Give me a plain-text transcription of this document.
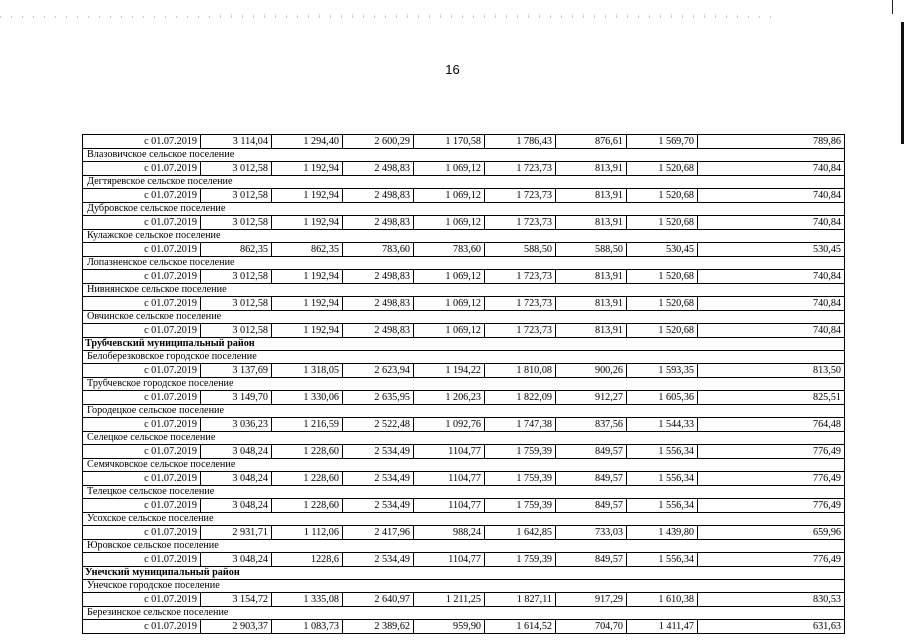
16
с 01.07.2019	3 114,04	1 294,40	2 600,29	1 170,58	1 786,43	876,61	1 569,70	789,86
Влазовичское сельское поселение								
с 01.07.2019	3 012,58	1 192,94	2 498,83	1 069,12	1 723,73	813,91	1 520,68	740,84
Дегтяревское сельское поселение								
с 01.07.2019	3 012,58	1 192,94	2 498,83	1 069,12	1 723,73	813,91	1 520,68	740,84
Дубровское сельское поселение								
с 01.07.2019	3 012,58	1 192,94	2 498,83	1 069,12	1 723,73	813,91	1 520,68	740,84
Кулажское сельское поселение								
с 01.07.2019	862,35	862,35	783,60	783,60	588,50	588,50	530,45	530,45
Лопазненское сельское поселение								
с 01.07.2019	3 012,58	1 192,94	2 498,83	1 069,12	1 723,73	813,91	1 520,68	740,84
Нивнянское сельское поселение								
с 01.07.2019	3 012,58	1 192,94	2 498,83	1 069,12	1 723,73	813,91	1 520,68	740,84
Овчинское сельское поселение								
с 01.07.2019	3 012,58	1 192,94	2 498,83	1 069,12	1 723,73	813,91	1 520,68	740,84
Трубчевский муниципальный район								
Белоберезковское городское поселение								
с 01.07.2019	3 137,69	1 318,05	2 623,94	1 194,22	1 810,08	900,26	1 593,35	813,50
Трубчевское городское поселение								
с 01.07.2019	3 149,70	1 330,06	2 635,95	1 206,23	1 822,09	912,27	1 605,36	825,51
Городецкое сельское поселение								
с 01.07.2019	3 036,23	1 216,59	2 522,48	1 092,76	1 747,38	837,56	1 544,33	764,48
Селецкое сельское поселение								
с 01.07.2019	3 048,24	1 228,60	2 534,49	1104,77	1 759,39	849,57	1 556,34	776,49
Семячковское сельское поселение								
с 01.07.2019	3 048,24	1 228,60	2 534,49	1104,77	1 759,39	849,57	1 556,34	776,49
Телецкое сельское поселение								
с 01.07.2019	3 048,24	1 228,60	2 534,49	1104,77	1 759,39	849,57	1 556,34	776,49
Усохское сельское поселение								
с 01.07.2019	2 931,71	1 112,06	2 417,96	988,24	1 642,85	733,03	1 439,80	659,96
Юровское сельское поселение								
с 01.07.2019	3 048,24	1228,6	2 534,49	1104,77	1 759,39	849,57	1 556,34	776,49
Унечский муниципальный район								
Унечское городское поселение								
с 01.07.2019	3 154,72	1 335,08	2 640,97	1 211,25	1 827,11	917,29	1 610,38	830,53
Березинское сельское поселение								
с 01.07.2019	2 903,37	1 083,73	2 389,62	959,90	1 614,52	704,70	1 411,47	631,63
